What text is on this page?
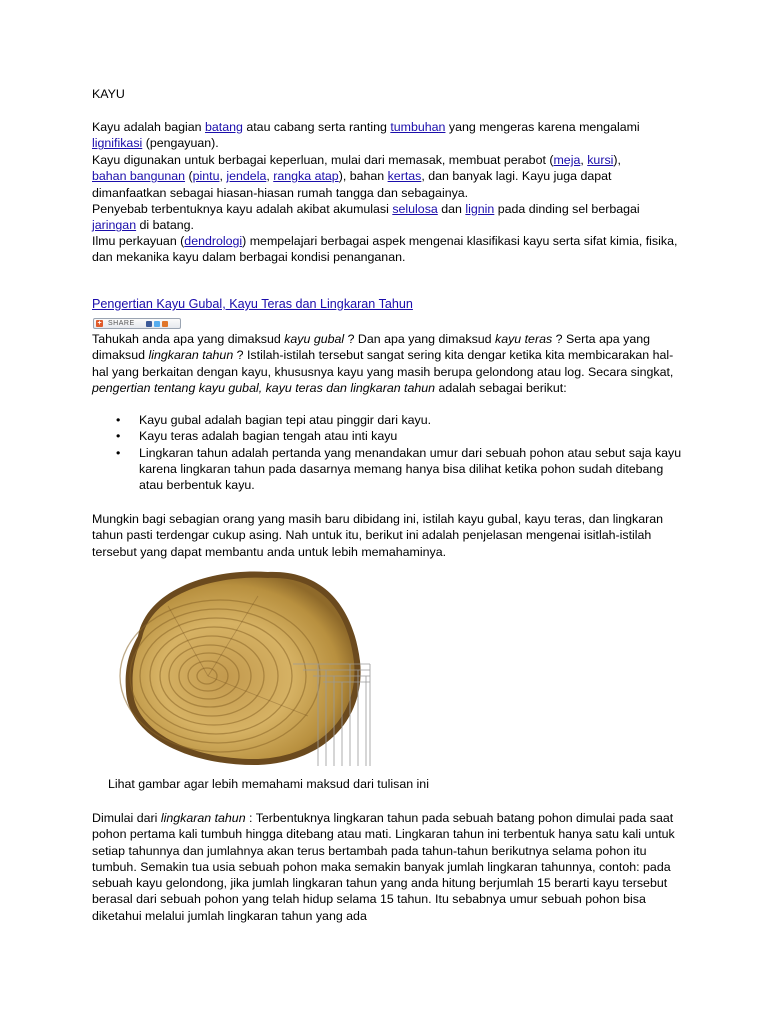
KAYU

Kayu adalah bagian batang atau cabang serta ranting tumbuhan yang mengeras karena mengalami
lignifikasi (pengayuan).

Kayu digunakan untuk berbagai keperluan, mulai dari memasak, membuat perabot (meja, kursi),
bahan bangunan (pintu, jendela, rangka atap), bahan kertas, dan banyak lagi. Kayu juga dapat dimanfaatkan sebagai hiasan-hiasan rumah tangga dan sebagainya.

Penyebab terbentuknya kayu adalah akibat akumulasi selulosa dan lignin pada dinding sel berbagai
jaringan di batang.

Ilmu perkayuan (dendrologi) mempelajari berbagai aspek mengenai klasifikasi kayu serta sifat kimia, fisika, dan mekanika kayu dalam berbagai kondisi penanganan.

Pengertian Kayu Gubal, Kayu Teras dan Lingkaran Tahun
+ SHARE

Tahukah anda apa yang dimaksud kayu gubal ? Dan apa yang dimaksud kayu teras ? Serta apa yang dimaksud lingkaran tahun ? Istilah-istilah tersebut sangat sering kita dengar ketika kita membicarakan hal-hal yang berkaitan dengan kayu, khususnya kayu yang masih berupa gelondong atau log. Secara singkat, pengertian tentang kayu gubal, kayu teras dan lingkaran tahun adalah sebagai berikut:

• Kayu gubal adalah bagian tepi atau pinggir dari kayu.
• Kayu teras adalah bagian tengah atau inti kayu
• Lingkaran tahun adalah pertanda yang menandakan umur dari sebuah pohon atau sebut saja kayu karena lingkaran tahun pada dasarnya memang hanya bisa dilihat ketika pohon sudah ditebang atau berbentuk kayu.

Mungkin bagi sebagian orang yang masih baru dibidang ini, istilah kayu gubal, kayu teras, dan lingkaran tahun pasti terdengar cukup asing. Nah untuk itu, berikut ini adalah penjelasan mengenai isitlah-istilah tersebut yang dapat membantu anda untuk lebih memahaminya.

Lihat gambar agar lebih memahami maksud dari tulisan ini

Dimulai dari lingkaran tahun : Terbentuknya lingkaran tahun pada sebuah batang pohon dimulai pada saat pohon pertama kali tumbuh hingga ditebang atau mati. Lingkaran tahun ini terbentuk hanya satu kali untuk setiap tahunnya dan jumlahnya akan terus bertambah pada tahun-tahun berikutnya selama pohon itu tumbuh. Semakin tua usia sebuah pohon maka semakin banyak jumlah lingkaran tahunnya, contoh: pada sebuah kayu gelondong, jika jumlah lingkaran tahun yang anda hitung berjumlah 15 berarti kayu tersebut berasal dari sebuah pohon yang telah hidup selama 15 tahun. Itu sebabnya umur sebuah pohon bisa diketahui melalui jumlah lingkaran tahun yang ada
